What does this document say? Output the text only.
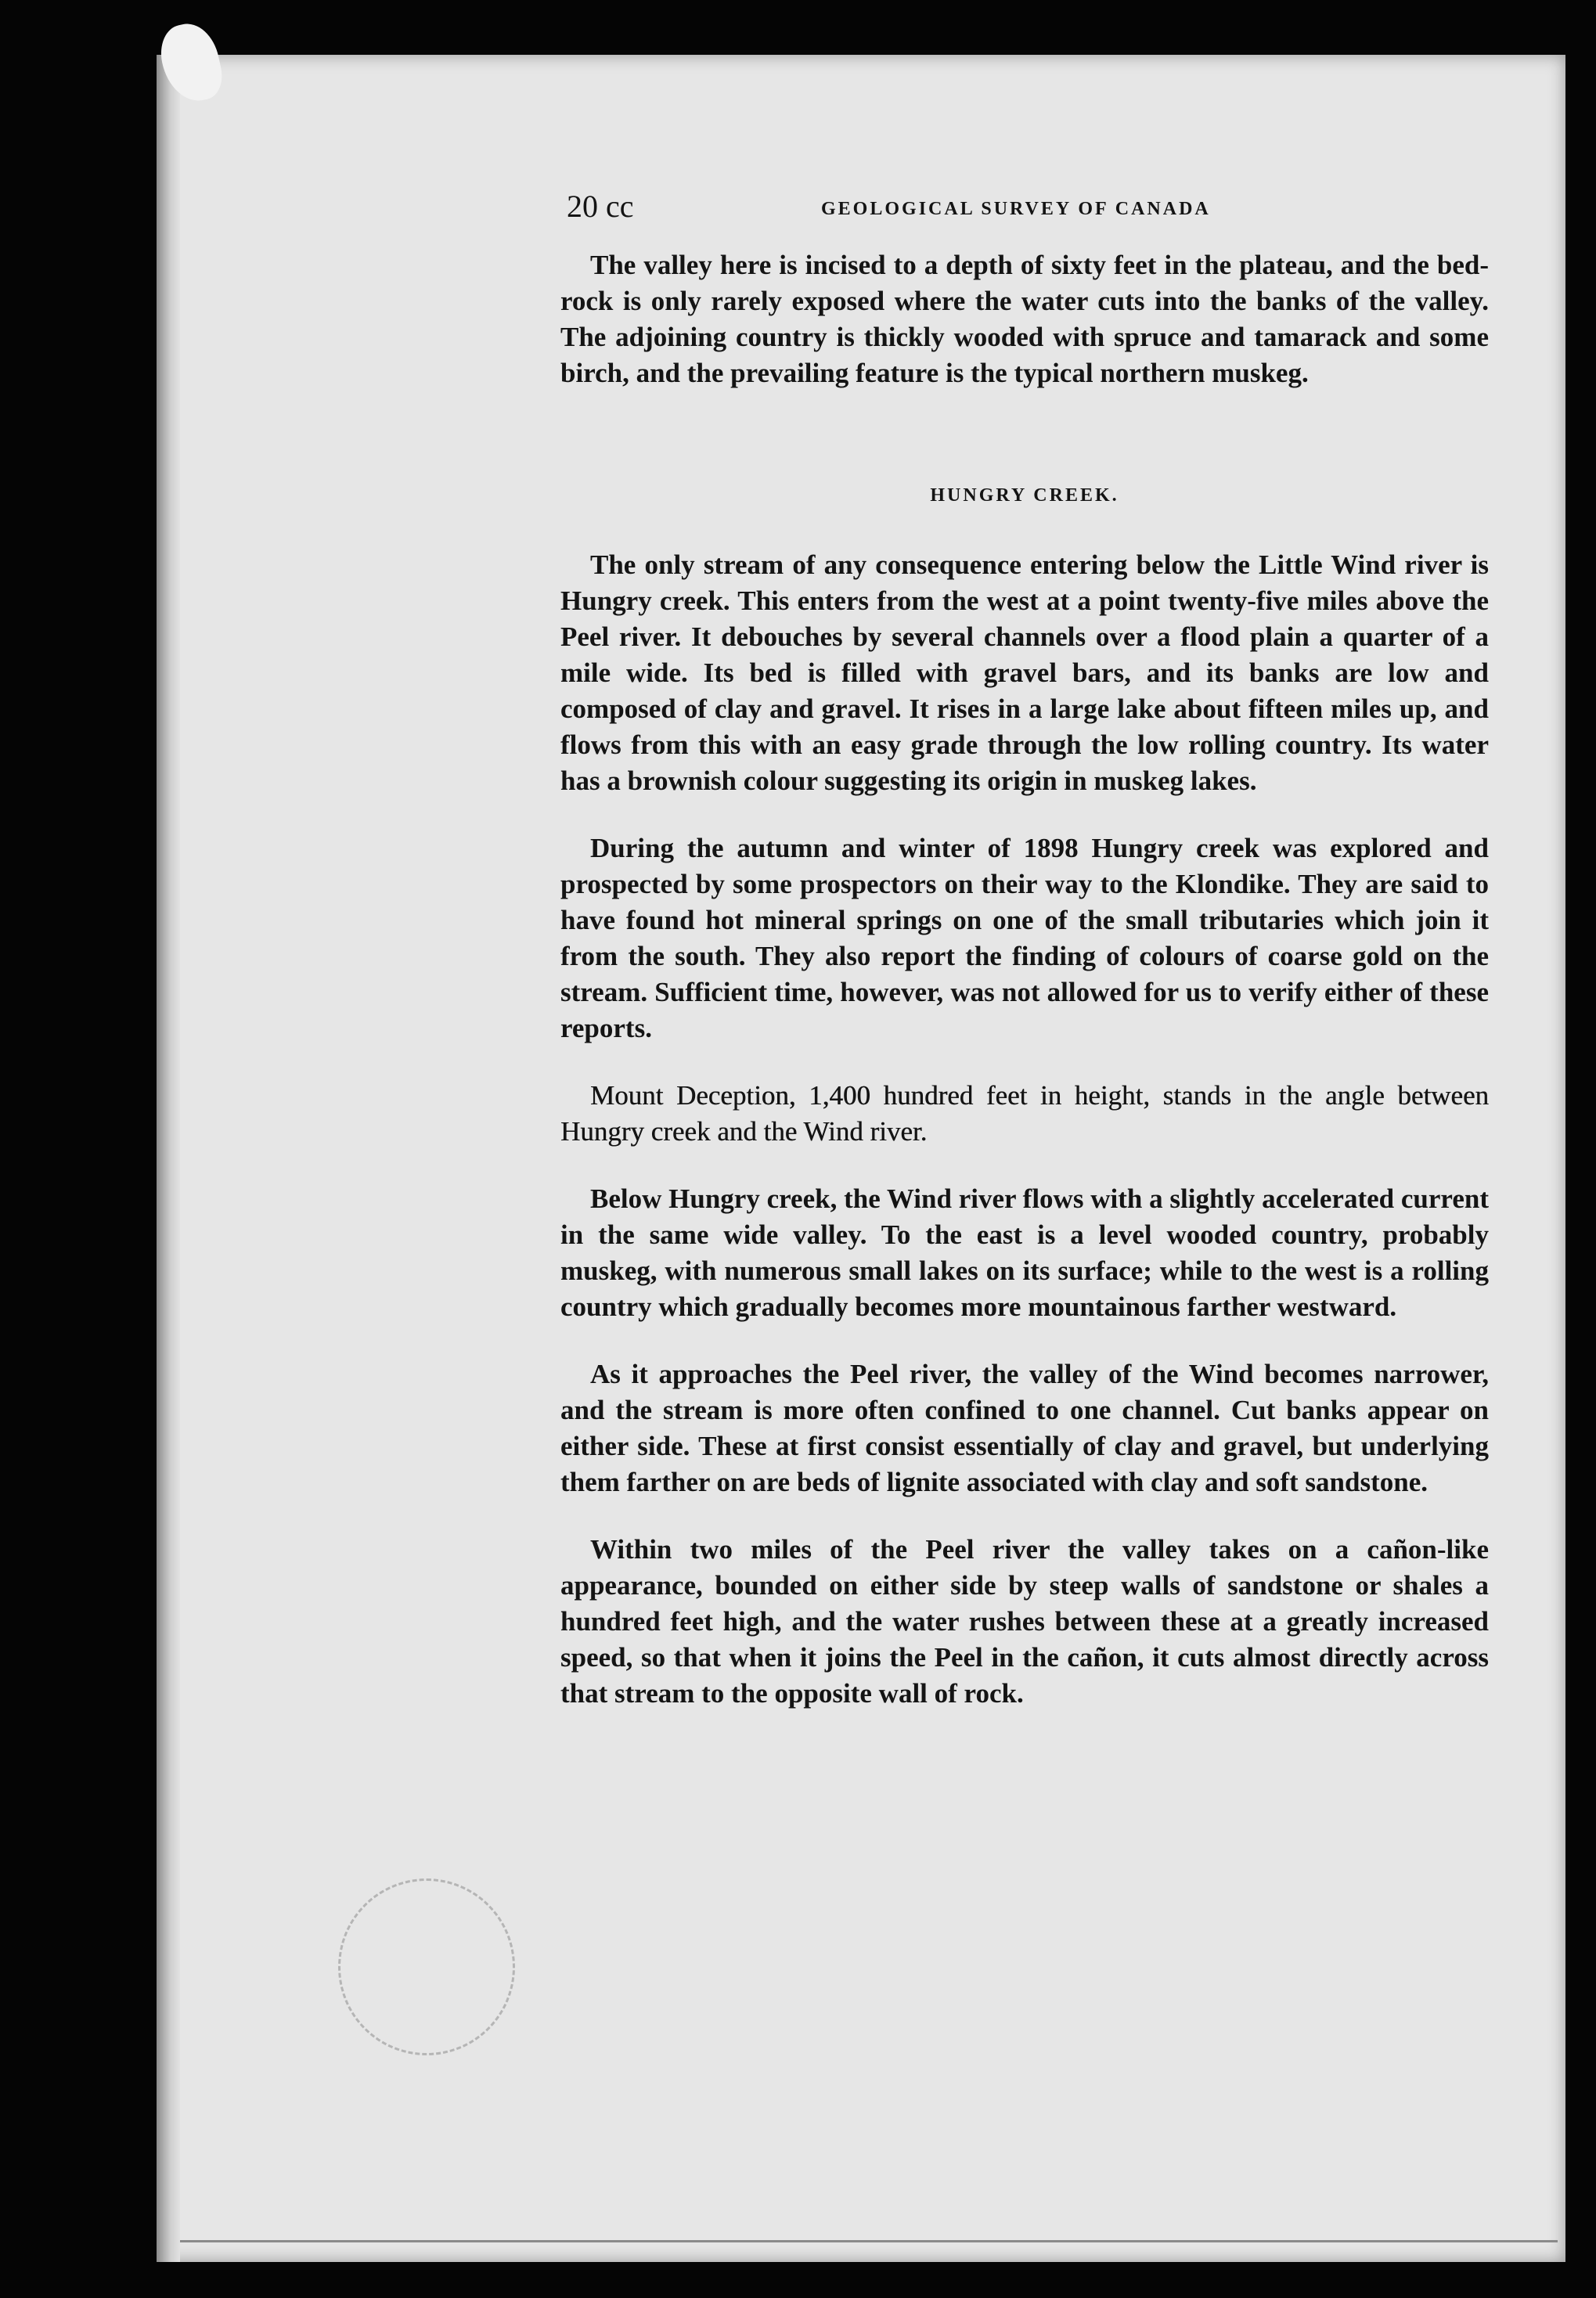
20 cc	GEOLOGICAL SURVEY OF CANADA

The valley here is incised to a depth of sixty feet in the plateau, and the bed-rock is only rarely exposed where the water cuts into the banks of the valley. The adjoining country is thickly wooded with spruce and tamarack and some birch, and the prevailing feature is the typical northern muskeg.

HUNGRY CREEK.

The only stream of any consequence entering below the Little Wind river is Hungry creek. This enters from the west at a point twenty-five miles above the Peel river. It debouches by several channels over a flood plain a quarter of a mile wide. Its bed is filled with gravel bars, and its banks are low and composed of clay and gravel. It rises in a large lake about fifteen miles up, and flows from this with an easy grade through the low rolling country. Its water has a brownish colour suggesting its origin in muskeg lakes.

During the autumn and winter of 1898 Hungry creek was explored and prospected by some prospectors on their way to the Klondike. They are said to have found hot mineral springs on one of the small tributaries which join it from the south. They also report the finding of colours of coarse gold on the stream. Sufficient time, however, was not allowed for us to verify either of these reports.

Mount Deception, 1,400 hundred feet in height, stands in the angle between Hungry creek and the Wind river.

Below Hungry creek, the Wind river flows with a slightly accelerated current in the same wide valley. To the east is a level wooded country, probably muskeg, with numerous small lakes on its surface; while to the west is a rolling country which gradually becomes more mountainous farther westward.

As it approaches the Peel river, the valley of the Wind becomes narrower, and the stream is more often confined to one channel. Cut banks appear on either side. These at first consist essentially of clay and gravel, but underlying them farther on are beds of lignite associated with clay and soft sandstone.

Within two miles of the Peel river the valley takes on a cañon-like appearance, bounded on either side by steep walls of sandstone or shales a hundred feet high, and the water rushes between these at a greatly increased speed, so that when it joins the Peel in the cañon, it cuts almost directly across that stream to the opposite wall of rock.
